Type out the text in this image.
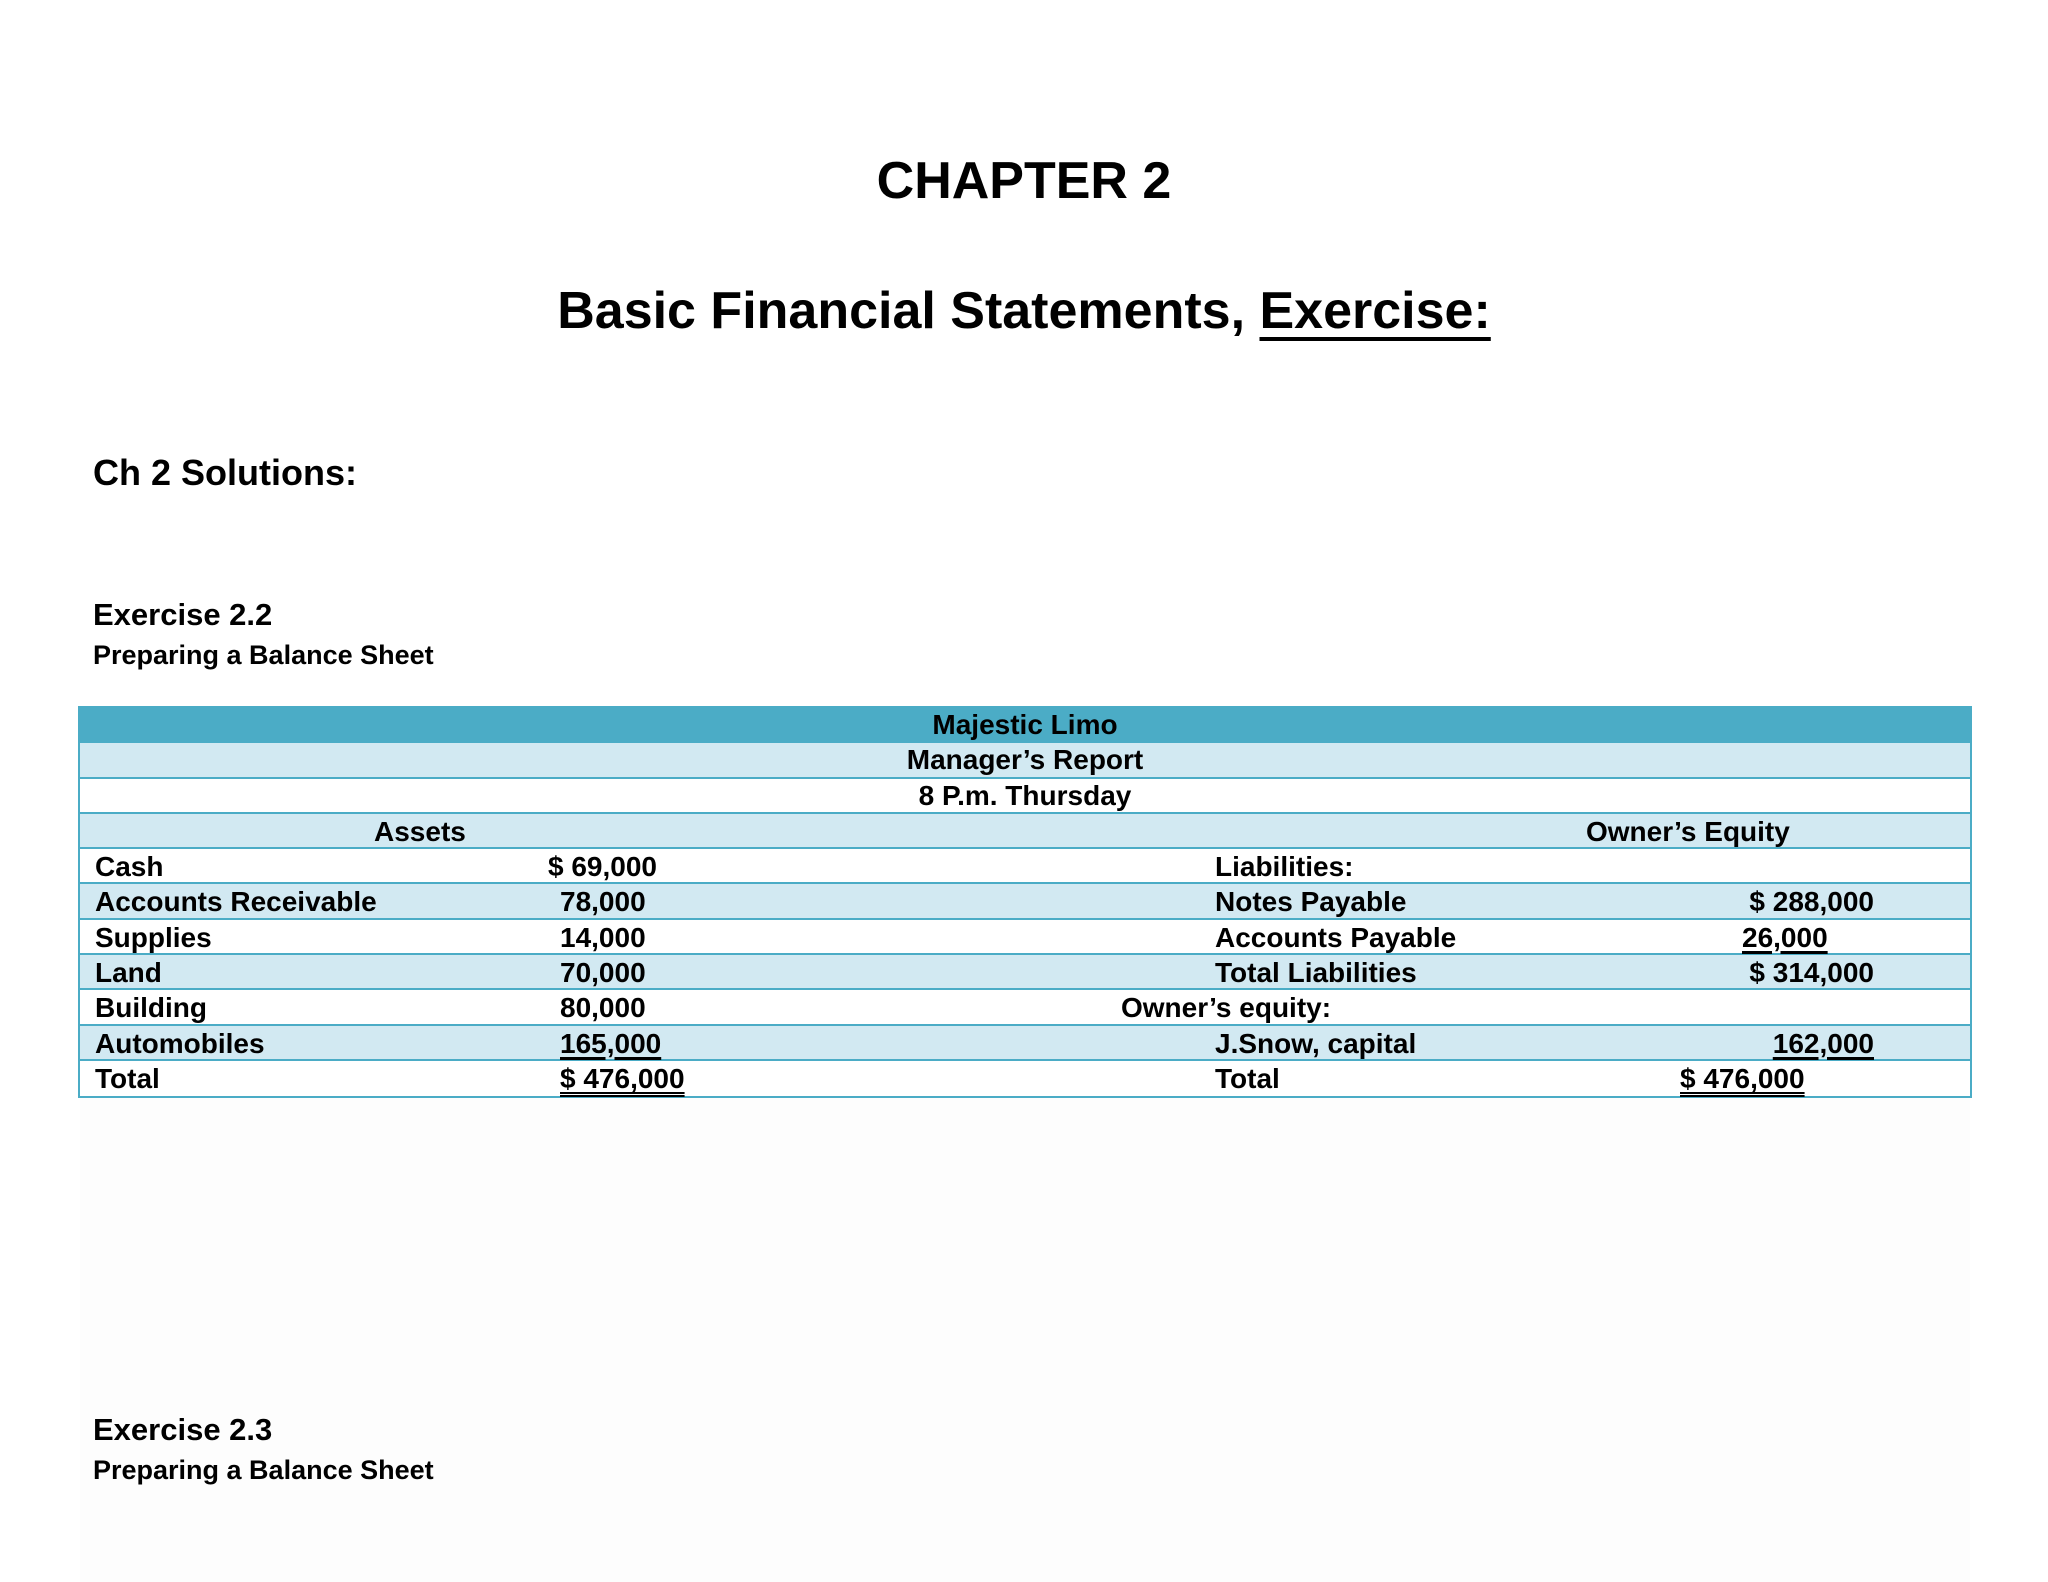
CHAPTER 2
Basic Financial Statements, Exercise:
Ch 2 Solutions:
Exercise 2.2
Preparing a Balance Sheet
Majestic Limo
Manager’s Report
8 P.m. Thursday
Assets	Owner’s Equity
Cash	$ 69,000	Liabilities:
Accounts Receivable	78,000	Notes Payable	$ 288,000
Supplies	14,000	Accounts Payable	26,000
Land	70,000	Total Liabilities	$ 314,000
Building	80,000	Owner’s equity:
Automobiles	165,000	J.Snow, capital	162,000
Total	$ 476,000	Total	$ 476,000
Exercise 2.3
Preparing a Balance Sheet
